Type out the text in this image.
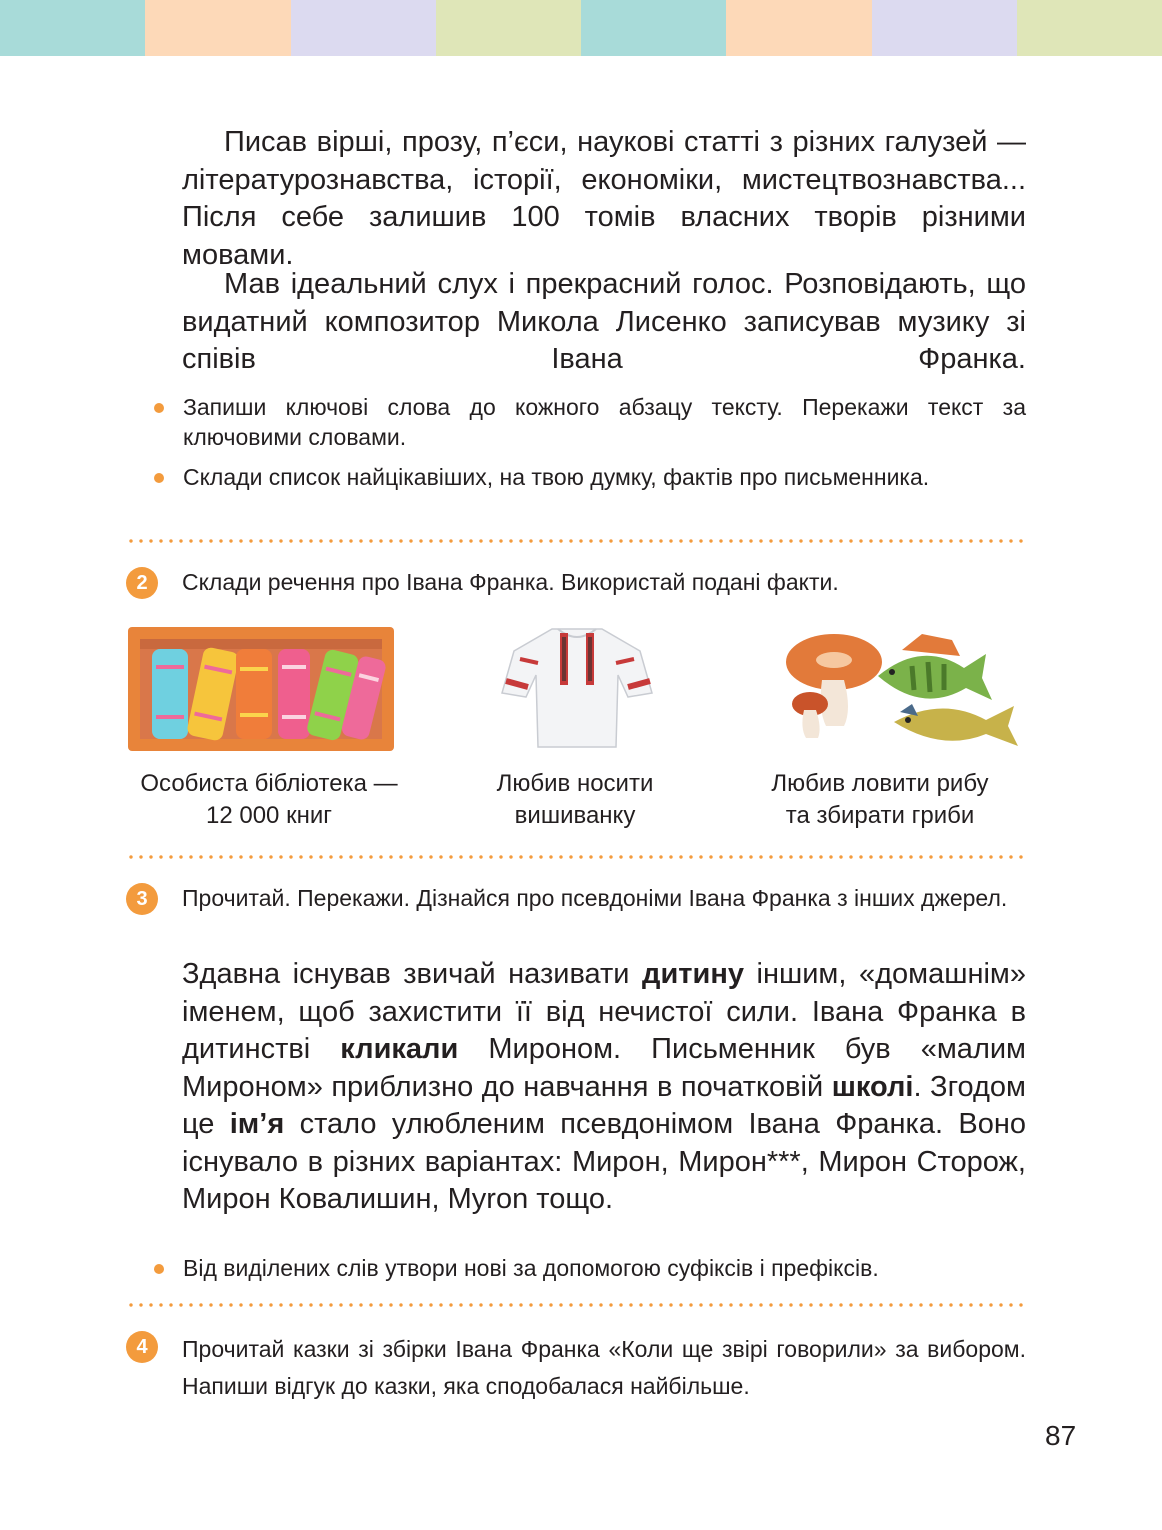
Писав вірші, прозу, п’єси, наукові статті з різних галузей — літературознавства, історії, економіки, мистецтвознавства... Після себе залишив 100 томів власних творів різними мовами.

Мав ідеальний слух і прекрасний голос. Розповідають, що видатний композитор Микола Лисенко записував музику зі співів Івана Франка.

Запиши ключові слова до кожного абзацу тексту. Перекажи текст за ключовими словами.
Склади список найцікавіших, на твою думку, фактів про письменника.
2	Склади речення про Івана Франка. Використай подані факти.
Особиста бібліотека —
12 000 книг
Любив носити
вишиванку
Любив ловити рибу
та збирати гриби
3	Прочитай. Перекажи. Дізнайся про псевдоніми Івана Франка з інших джерел.

Здавна існував звичай називати дитину іншим, «домашнім» іменем, щоб захистити її від нечистої сили. Івана Франка в дитинстві кликали Мироном. Письменник був «малим Мироном» приблизно до навчання в початковій школі. Згодом це ім’я стало улюбленим псевдонімом Івана Франка. Воно існувало в різних варіантах: Мирон, Мирон***, Мирон Сторож, Мирон Ковалишин, Myron тощо.

Від виділених слів утвори нові за допомогою суфіксів і префіксів.
4	Прочитай казки зі збірки Івана Франка «Коли ще звірі говорили» за вибором. Напиши відгук до казки, яка сподобалася найбільше.
87
